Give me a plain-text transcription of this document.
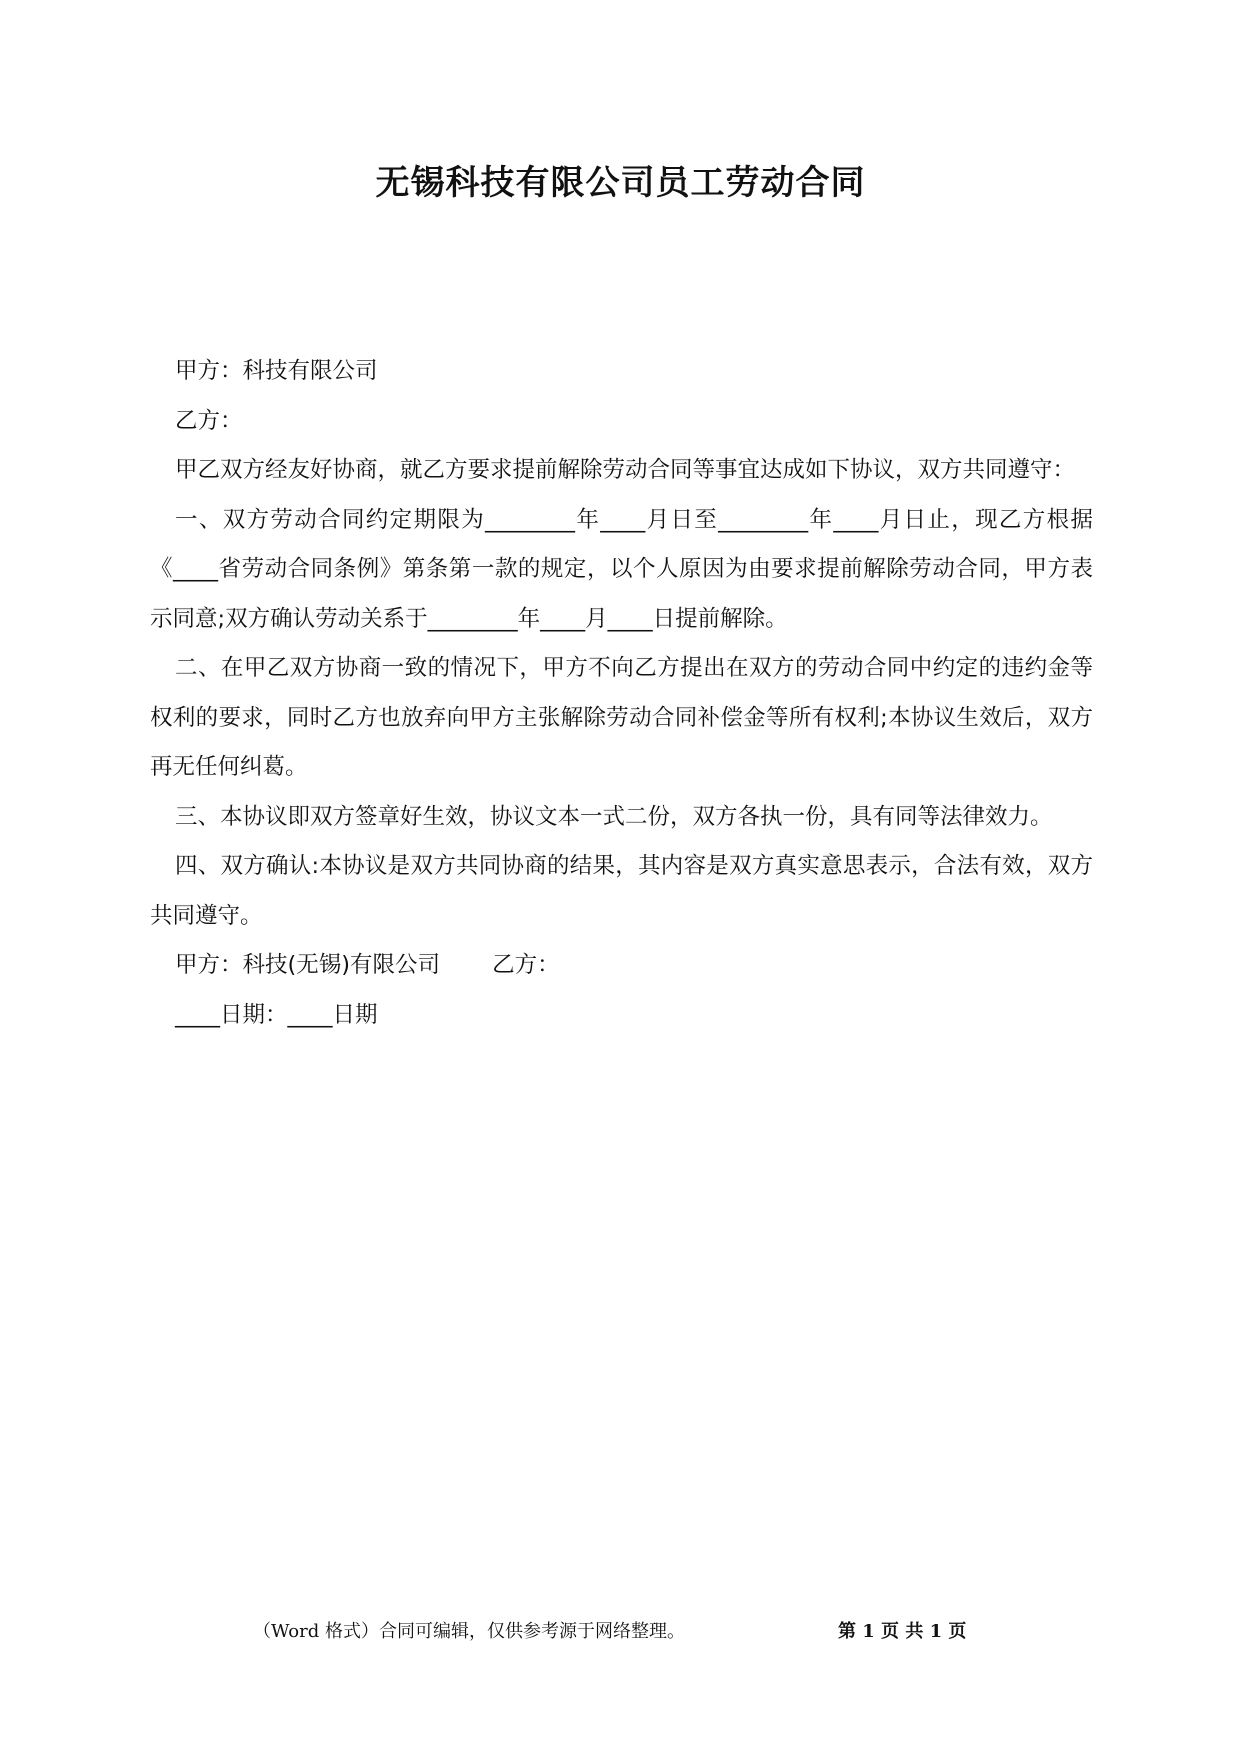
无锡科技有限公司员工劳动合同

甲方：科技有限公司

乙方：

甲乙双方经友好协商，就乙方要求提前解除劳动合同等事宜达成如下协议，双方共同遵守：

一、双方劳动合同约定期限为________年____月日至________年____月日止，现乙方根据《____省劳动合同条例》第条第一款的规定，以个人原因为由要求提前解除劳动合同，甲方表示同意;双方确认劳动关系于________年____月____日提前解除。

二、在甲乙双方协商一致的情况下，甲方不向乙方提出在双方的劳动合同中约定的违约金等权利的要求，同时乙方也放弃向甲方主张解除劳动合同补偿金等所有权利;本协议生效后，双方再无任何纠葛。

三、本协议即双方签章好生效，协议文本一式二份，双方各执一份，具有同等法律效力。

四、双方确认:本协议是双方共同协商的结果，其内容是双方真实意思表示，合法有效，双方共同遵守。

甲方：科技(无锡)有限公司 乙方：

____日期：____日期

（Word 格式）合同可编辑，仅供参考源于网络整理。	第 1 页 共 1 页
